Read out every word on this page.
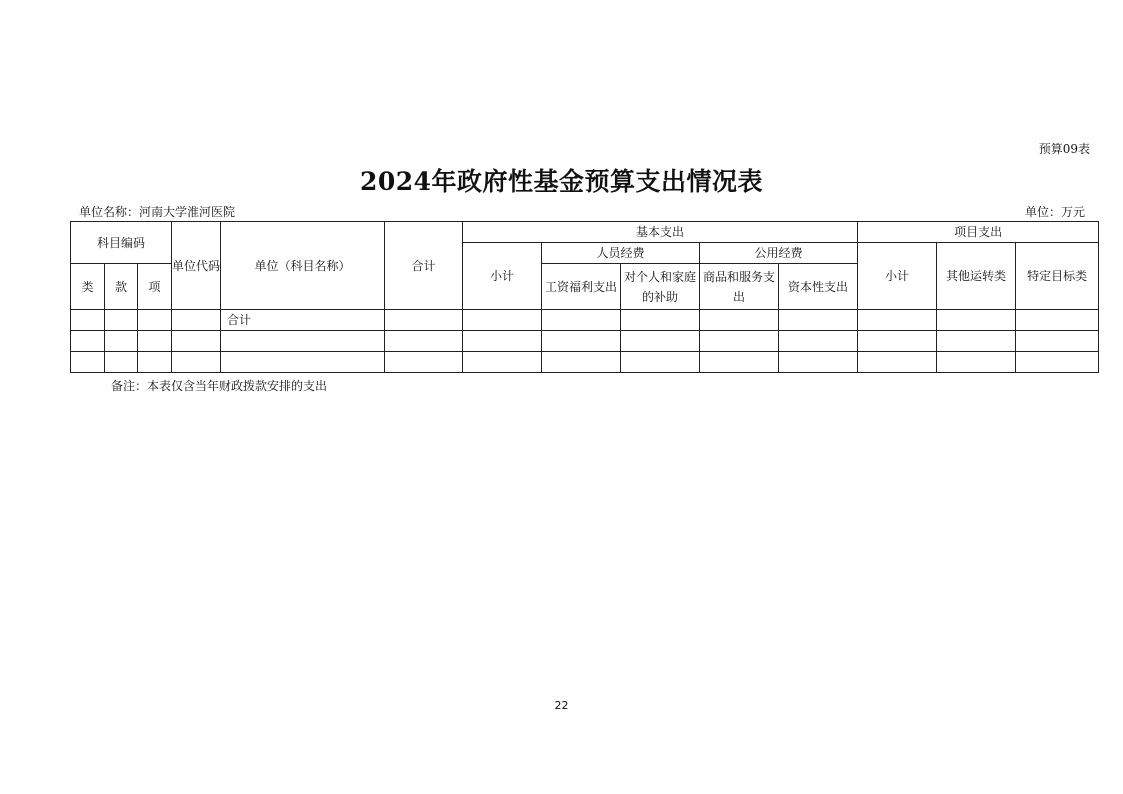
预算09表
2024年政府性基金预算支出情况表
单位名称：河南大学淮河医院	单位：万元
科目编码			单位代码	单位（科目名称）	合计	基本支出					项目支出		
						小计	人员经费		公用经费		小计	其他运转类	特定目标类
类	款	项					工资福利支出	对个人和家庭的补助	商品和服务支出	资本性支出			
				合计									

备注：本表仅含当年财政拨款安排的支出
22
